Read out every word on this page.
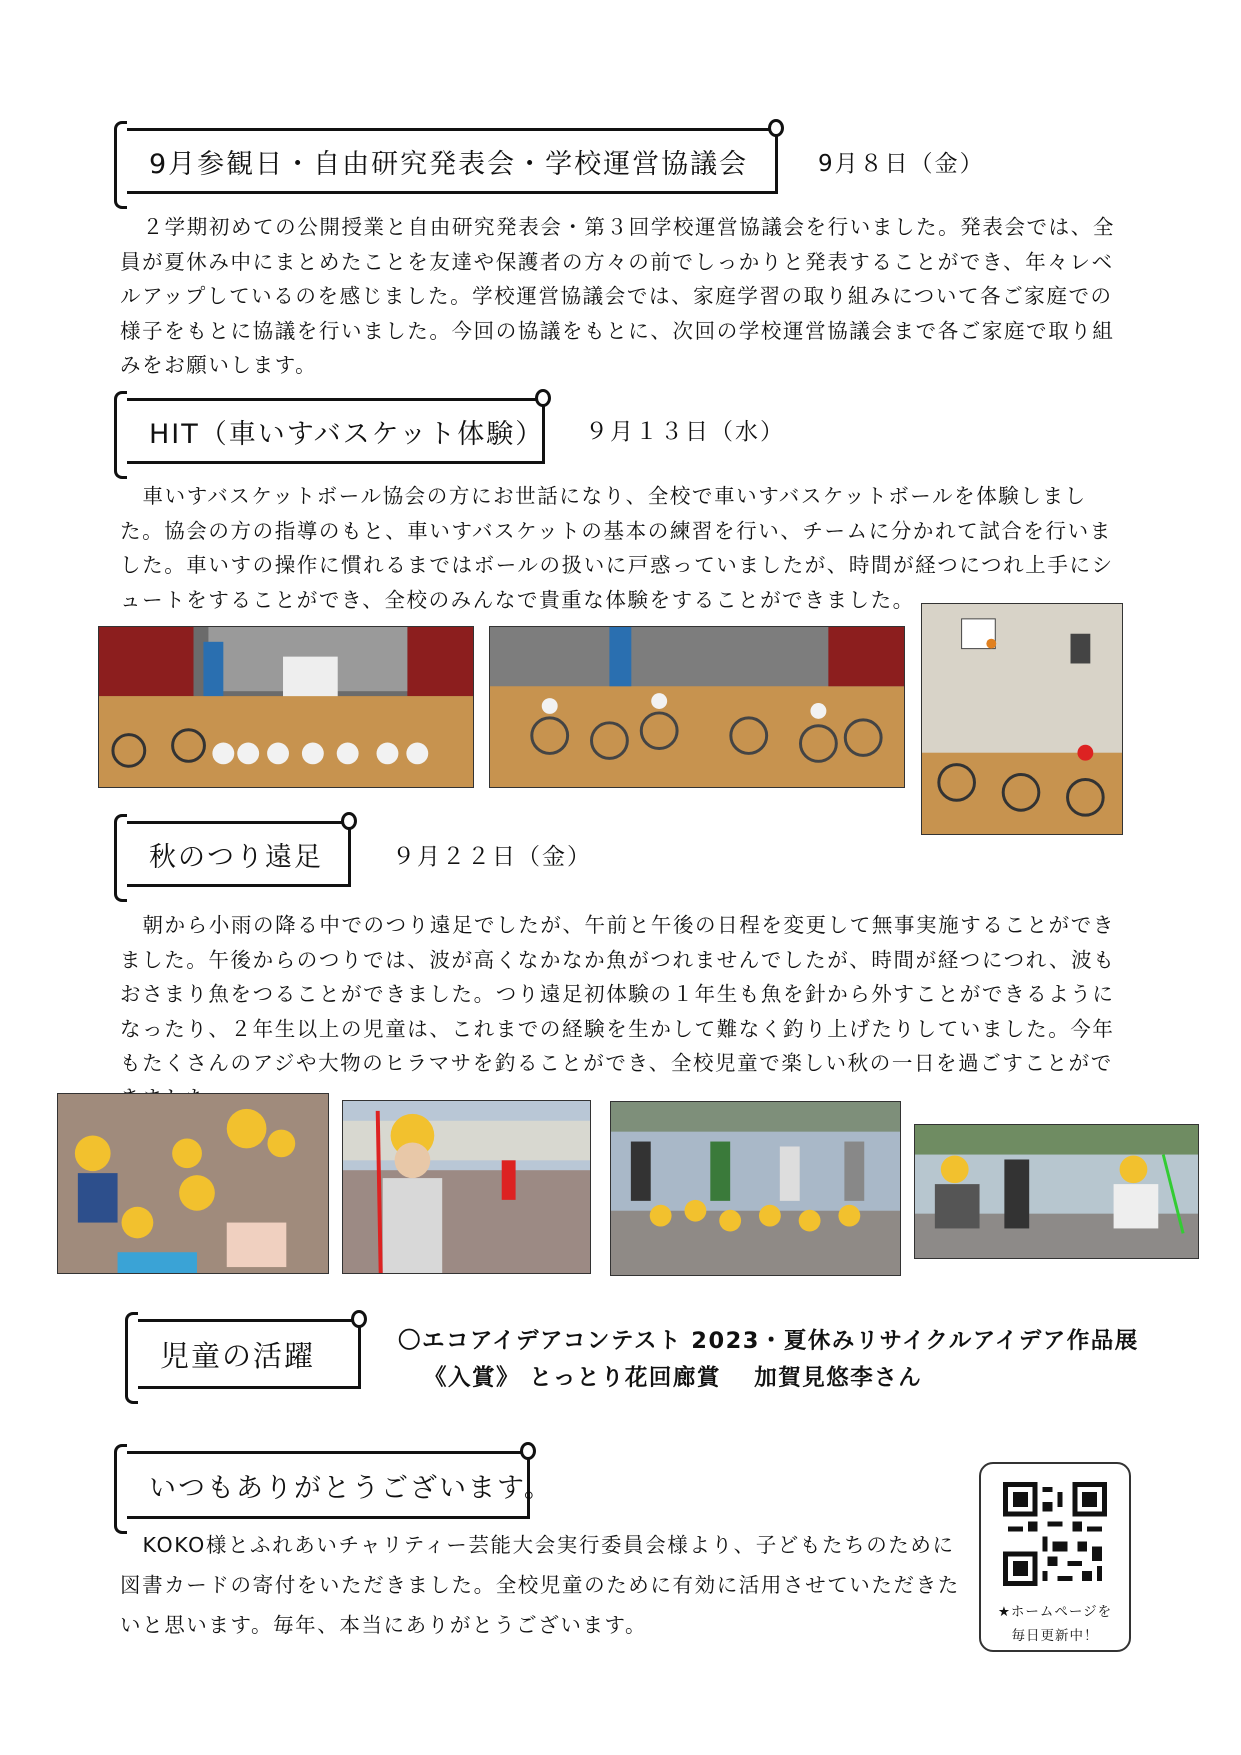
9月参観日・自由研究発表会・学校運営協議会	9月８日（金）

２学期初めての公開授業と自由研究発表会・第３回学校運営協議会を行いました。発表会では、全員が夏休み中にまとめたことを友達や保護者の方々の前でしっかりと発表することができ、年々レベルアップしているのを感じました。学校運営協議会では、家庭学習の取り組みについて各ご家庭での様子をもとに協議を行いました。今回の協議をもとに、次回の学校運営協議会まで各ご家庭で取り組みをお願いします。

HIT（車いすバスケット体験） ９月１３日（水）

車いすバスケットボール協会の方にお世話になり、全校で車いすバスケットボールを体験しました。協会の方の指導のもと、車いすバスケットの基本の練習を行い、チームに分かれて試合を行いました。車いすの操作に慣れるまではボールの扱いに戸惑っていましたが、時間が経つにつれ上手にシュートをすることができ、全校のみんなで貴重な体験をすることができました。

秋のつり遠足	９月２２日（金）

朝から小雨の降る中でのつり遠足でしたが、午前と午後の日程を変更して無事実施することができました。午後からのつりでは、波が高くなかなか魚がつれませんでしたが、時間が経つにつれ、波もおさまり魚をつることができました。つり遠足初体験の１年生も魚を針から外すことができるようになったり、２年生以上の児童は、これまでの経験を生かして難なく釣り上げたりしていました。今年もたくさんのアジや大物のヒラマサを釣ることができ、全校児童で楽しい秋の一日を過ごすことがで

児童の活躍	〇エコアイデアコンテスト 2023・夏休みリサイクルアイデア作品展
《入賞》 とっとり花回廊賞　 加賀見悠李さん
いつもありがとうございます。

KOKO様とふれあいチャリティー芸能大会実行委員会様より、子どもたちのために図書カードの寄付をいただきました。全校児童のために有効に活用させていただきたいと思います。毎年、本当にありがとうございます。

★ホームページを
毎日更新中！
